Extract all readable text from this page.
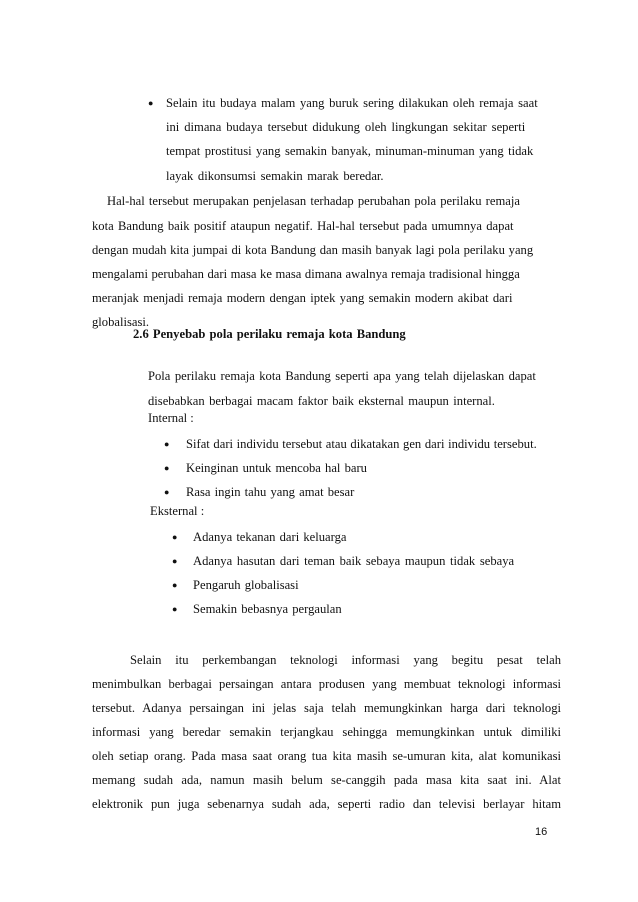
● Selain itu budaya malam yang buruk sering dilakukan oleh remaja saat
ini dimana budaya tersebut didukung oleh lingkungan sekitar seperti
tempat prostitusi yang semakin banyak, minuman-minuman yang tidak
layak dikonsumsi semakin marak beredar.
Hal-hal tersebut merupakan penjelasan terhadap perubahan pola perilaku remaja
kota Bandung baik positif ataupun negatif. Hal-hal tersebut pada umumnya dapat
dengan mudah kita jumpai di kota Bandung dan masih banyak lagi pola perilaku yang
mengalami perubahan dari masa ke masa dimana awalnya remaja tradisional hingga
meranjak menjadi remaja modern dengan iptek yang semakin modern akibat dari
globalisasi.
2.6 Penyebab pola perilaku remaja kota Bandung
Pola perilaku remaja kota Bandung seperti apa yang telah dijelaskan dapat
disebabkan berbagai macam faktor baik eksternal maupun internal.
Internal :
● Sifat dari individu tersebut atau dikatakan gen dari individu tersebut.
● Keinginan untuk mencoba hal baru
● Rasa ingin tahu yang amat besar
Eksternal :
● Adanya tekanan dari keluarga
● Adanya hasutan dari teman baik sebaya maupun tidak sebaya
● Pengaruh globalisasi
● Semakin bebasnya pergaulan
Selain itu perkembangan teknologi informasi yang begitu pesat telah
menimbulkan berbagai persaingan antara produsen yang membuat teknologi informasi
tersebut. Adanya persaingan ini jelas saja telah memungkinkan harga dari teknologi
informasi yang beredar semakin terjangkau sehingga memungkinkan untuk dimiliki
oleh setiap orang. Pada masa saat orang tua kita masih se-umuran kita, alat komunikasi
memang sudah ada, namun masih belum se-canggih pada masa kita saat ini. Alat
elektronik pun juga sebenarnya sudah ada, seperti radio dan televisi berlayar hitam
16
